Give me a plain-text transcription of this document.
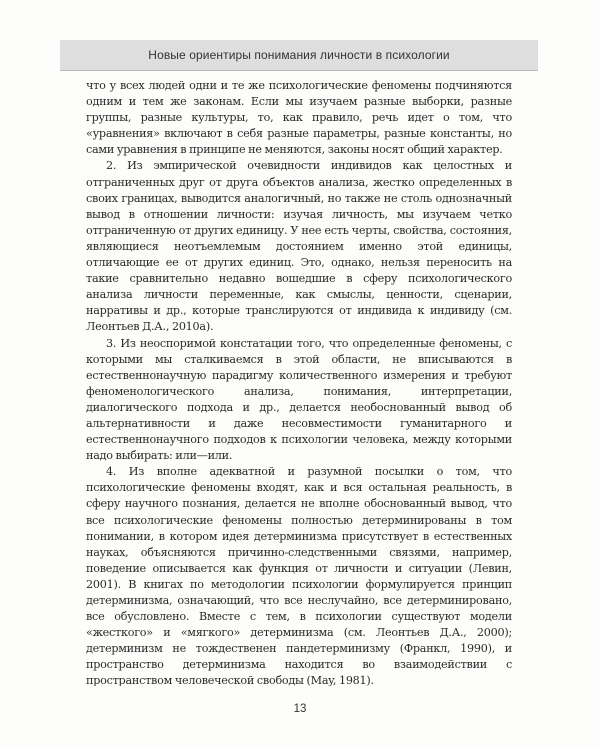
Новые ориентиры понимания личности в психологии

что у всех людей одни и те же психологические феномены подчиняются одним и тем же законам. Если мы изучаем разные выборки, разные группы, разные культуры, то, как правило, речь идет о том, что «уравнения» включают в себя разные параметры, разные константы, но сами уравнения в принципе не меняются, законы носят общий характер.

2. Из эмпирической очевидности индивидов как целостных и отграниченных друг от друга объектов анализа, жестко определенных в своих границах, выводится аналогичный, но также не столь однозначный вывод в отношении личности: изучая личность, мы изучаем четко отграниченную от других единицу. У нее есть черты, свойства, состояния, являющиеся неотъемлемым достоянием именно этой единицы, отличающие ее от других единиц. Это, однако, нельзя переносить на такие сравнительно недавно вошедшие в сферу психологического анализа личности переменные, как смыслы, ценности, сценарии, нарративы и др., которые транслируются от индивида к индивиду (см. Леонтьев Д.А., 2010а).

3. Из неоспоримой констатации того, что определенные феномены, с которыми мы сталкиваемся в этой области, не вписываются в естественнонаучную парадигму количественного измерения и требуют феноменологического анализа, понимания, интерпретации, диалогического подхода и др., делается необоснованный вывод об альтернативности и даже несовместимости гуманитарного и естественнонаучного подходов к психологии человека, между которыми надо выбирать: или—или.

4. Из вполне адекватной и разумной посылки о том, что психологические феномены входят, как и вся остальная реальность, в сферу научного познания, делается не вполне обоснованный вывод, что все психологические феномены полностью детерминированы в том понимании, в котором идея детерминизма присутствует в естественных науках, объясняются причинно-следственными связями, например, поведение описывается как функция от личности и ситуации (Левин, 2001). В книгах по методологии психологии формулируется принцип детерминизма, означающий, что все неслучайно, все детерминировано, все обусловлено. Вместе с тем, в психологии существуют модели «жесткого» и «мягкого» детерминизма (см. Леонтьев Д.А., 2000); детерминизм не тождественен пандетерминизму (Франкл, 1990), и пространство детерминизма находится во взаимодействии с пространством человеческой свободы (May, 1981).

13
